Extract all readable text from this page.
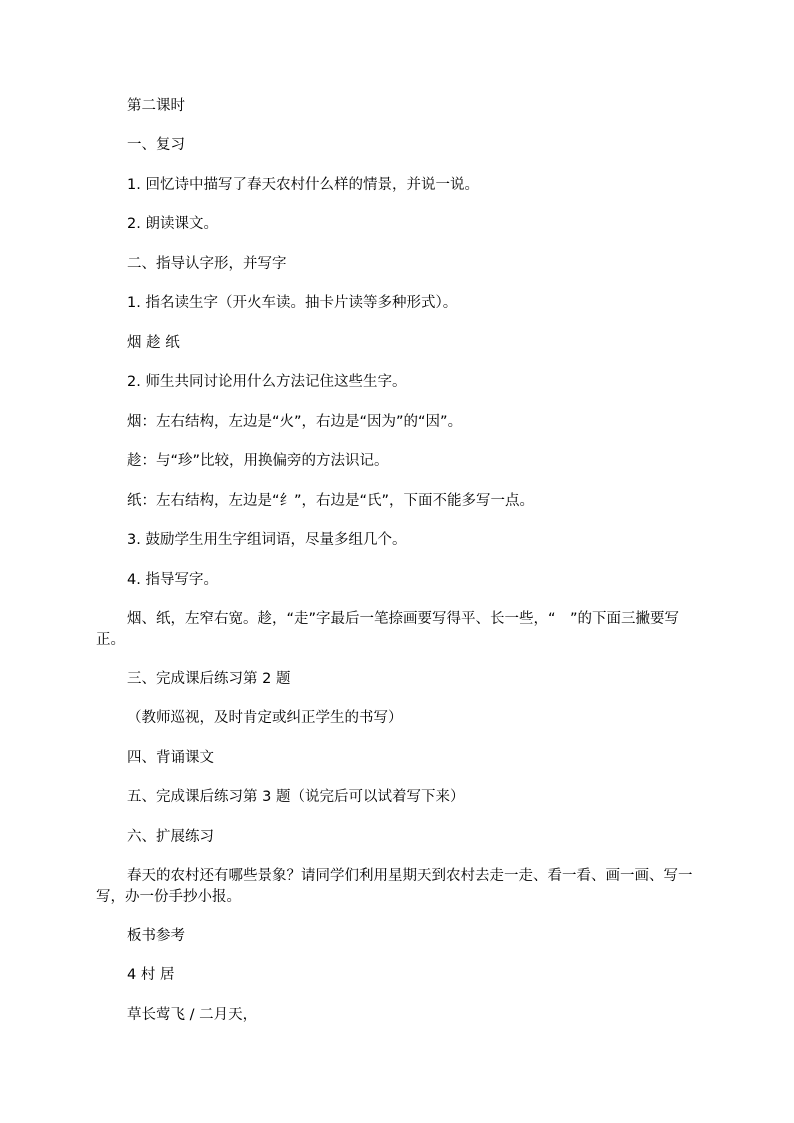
第二课时

一、复习

1. 回忆诗中描写了春天农村什么样的情景，并说一说。

2. 朗读课文。

二、指导认字形，并写字

1. 指名读生字（开火车读。抽卡片读等多种形式）。

烟 趁 纸

2. 师生共同讨论用什么方法记住这些生字。

烟：左右结构，左边是“火”，右边是“因为”的“因”。

趁：与“珍”比较，用换偏旁的方法识记。

纸：左右结构，左边是“纟”，右边是“氏”，下面不能多写一点。

3. 鼓励学生用生字组词语，尽量多组几个。

4. 指导写字。

烟、纸，左窄右宽。趁，“走”字最后一笔捺画要写得平、长一些，“　”的下面三撇要写正。

三、完成课后练习第 2 题

（教师巡视，及时肯定或纠正学生的书写）

四、背诵课文

五、完成课后练习第 3 题（说完后可以试着写下来）

六、扩展练习

春天的农村还有哪些景象？请同学们利用星期天到农村去走一走、看一看、画一画、写一写，办一份手抄小报。

板书参考

4 村 居

草长莺飞 / 二月天，
